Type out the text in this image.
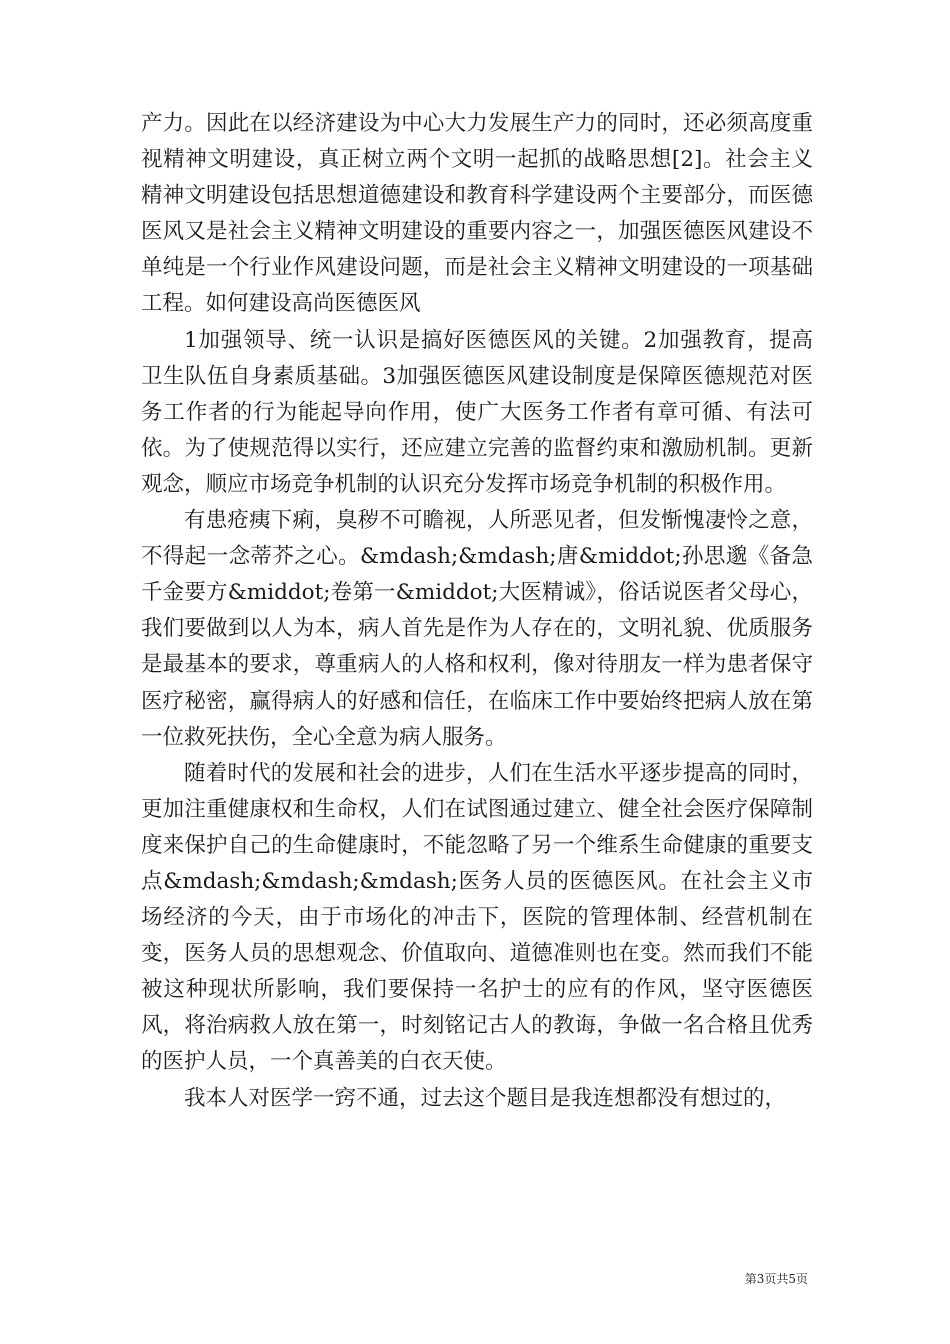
产力。因此在以经济建设为中心大力发展生产力的同时，还必须高度重视精神文明建设，真正树立两个文明一起抓的战略思想[2]。社会主义精神文明建设包括思想道德建设和教育科学建设两个主要部分，而医德医风又是社会主义精神文明建设的重要内容之一，加强医德医风建设不单纯是一个行业作风建设问题，而是社会主义精神文明建设的一项基础工程。如何建设高尚医德医风

1加强领导、统一认识是搞好医德医风的关键。2加强教育，提高卫生队伍自身素质基础。3加强医德医风建设制度是保障医德规范对医务工作者的行为能起导向作用，使广大医务工作者有章可循、有法可依。为了使规范得以实行，还应建立完善的监督约束和激励机制。更新观念，顺应市场竞争机制的认识充分发挥市场竞争机制的积极作用。

有患疮痍下痢，臭秽不可瞻视，人所恶见者，但发惭愧凄怜之意，不得起一念蒂芥之心。&mdash;&mdash;唐&middot;孙思邈《备急千金要方&middot;卷第一&middot;大医精诚》，俗话说医者父母心，我们要做到以人为本，病人首先是作为人存在的，文明礼貌、优质服务是最基本的要求，尊重病人的人格和权利，像对待朋友一样为患者保守医疗秘密，赢得病人的好感和信任，在临床工作中要始终把病人放在第一位救死扶伤，全心全意为病人服务。

随着时代的发展和社会的进步，人们在生活水平逐步提高的同时，更加注重健康权和生命权，人们在试图通过建立、健全社会医疗保障制度来保护自己的生命健康时，不能忽略了另一个维系生命健康的重要支点&mdash;&mdash;&mdash;医务人员的医德医风。在社会主义市场经济的今天，由于市场化的冲击下，医院的管理体制、经营机制在变，医务人员的思想观念、价值取向、道德准则也在变。然而我们不能被这种现状所影响，我们要保持一名护士的应有的作风，坚守医德医风，将治病救人放在第一，时刻铭记古人的教诲，争做一名合格且优秀的医护人员，一个真善美的白衣天使。

我本人对医学一窍不通，过去这个题目是我连想都没有想过的，

第3页共5页
